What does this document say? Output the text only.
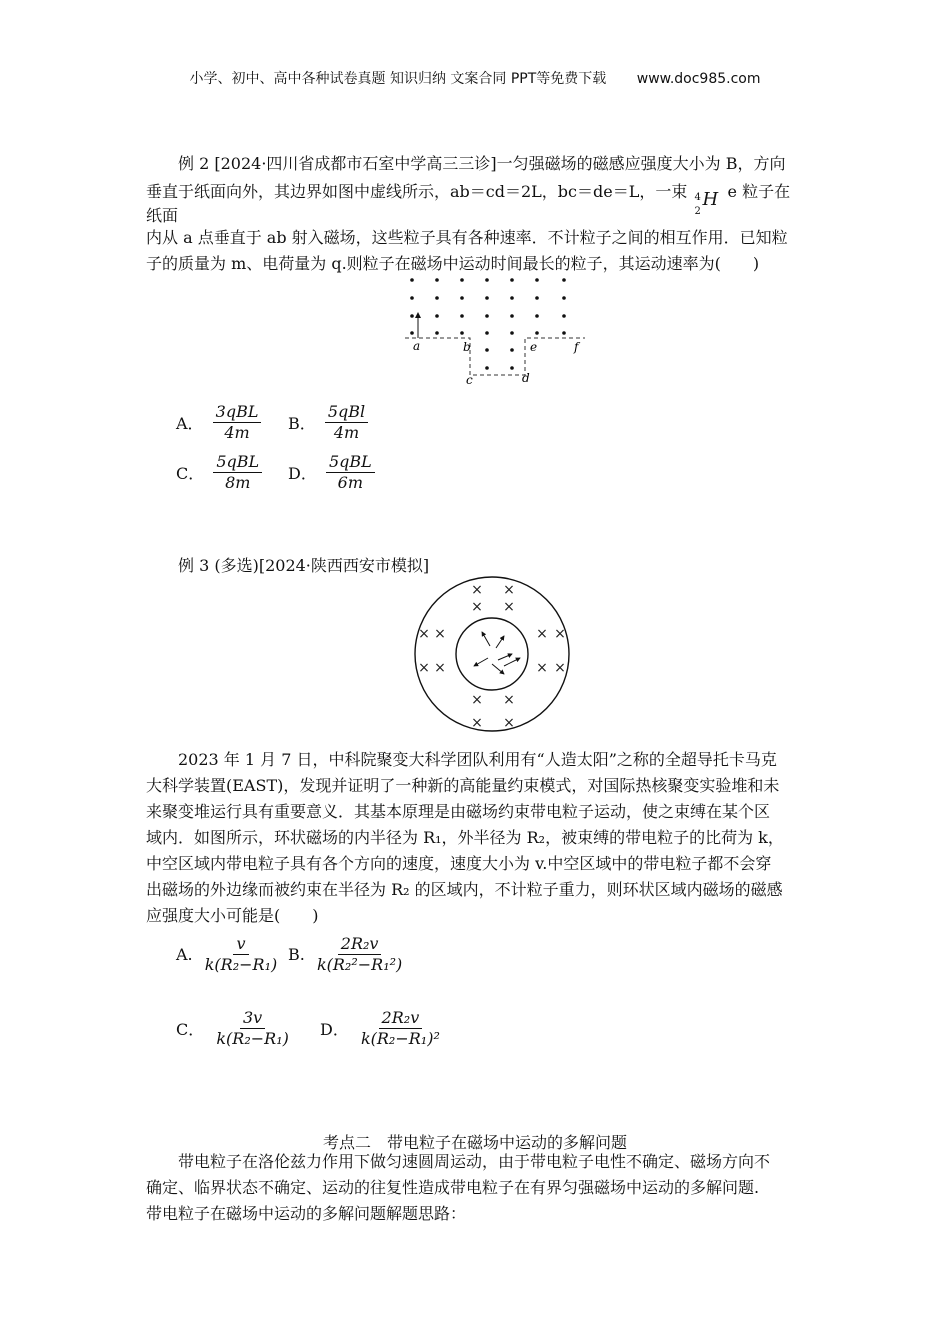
小学、初中、高中各种试卷真题 知识归纳 文案合同 PPT等免费下载 www.doc985.com
例 2 [2024·四川省成都市石室中学高三三诊]一匀强磁场的磁感应强度大小为 B，方向
垂直于纸面向外，其边界如图中虚线所示，ab＝cd＝2L，bc＝de＝L，一束 4
2
H e 粒子在纸面
内从 a 点垂直于 ab 射入磁场，这些粒子具有各种速率．不计粒子之间的相互作用．已知粒
子的质量为 m、电荷量为 q.则粒子在磁场中运动时间最长的粒子，其运动速率为(　　)
a	b
c	d
e	f
A． $\frac{\text{3qBL}}{4m}$ B． $\frac{\text{5qBl}}{4m}$
C． $\frac{\text{5qBL}}{8m}$ D． $\frac{\text{5qBL}}{6m}$
例 3 (多选)[2024·陕西西安市模拟]
× ×
× ×
× ×	× ×
× ×	× ×
× ×
× ×
2023 年 1 月 7 日，中科院聚变大科学团队利用有“人造太阳”之称的全超导托卡马克
大科学装置(EAST)，发现并证明了一种新的高能量约束模式，对国际热核聚变实验堆和未
来聚变堆运行具有重要意义．其基本原理是由磁场约束带电粒子运动，使之束缚在某个区
域内．如图所示，环状磁场的内半径为 R₁，外半径为 R₂，被束缚的带电粒子的比荷为 k，
中空区域内带电粒子具有各个方向的速度，速度大小为 v.中空区域中的带电粒子都不会穿
出磁场的外边缘而被约束在半径为 R₂ 的区域内，不计粒子重力，则环状区域内磁场的磁感
应强度大小可能是(　　)
A. $\frac{v}{\text{k(R₂−R₁)}} B$. $\frac{\text{2R₂v}}{\text{k(R₂²−R₁²)}}$
C． $\frac{3v}{\text{k(R₂−R₁)}}$ D． $\frac{\text{2R₂v}}{\text{k(R₂−R₁)²}}$
考点二　带电粒子在磁场中运动的多解问题
带电粒子在洛伦兹力作用下做匀速圆周运动，由于带电粒子电性不确定、磁场方向不
确定、临界状态不确定、运动的往复性造成带电粒子在有界匀强磁场中运动的多解问题.
带电粒子在磁场中运动的多解问题解题思路：
